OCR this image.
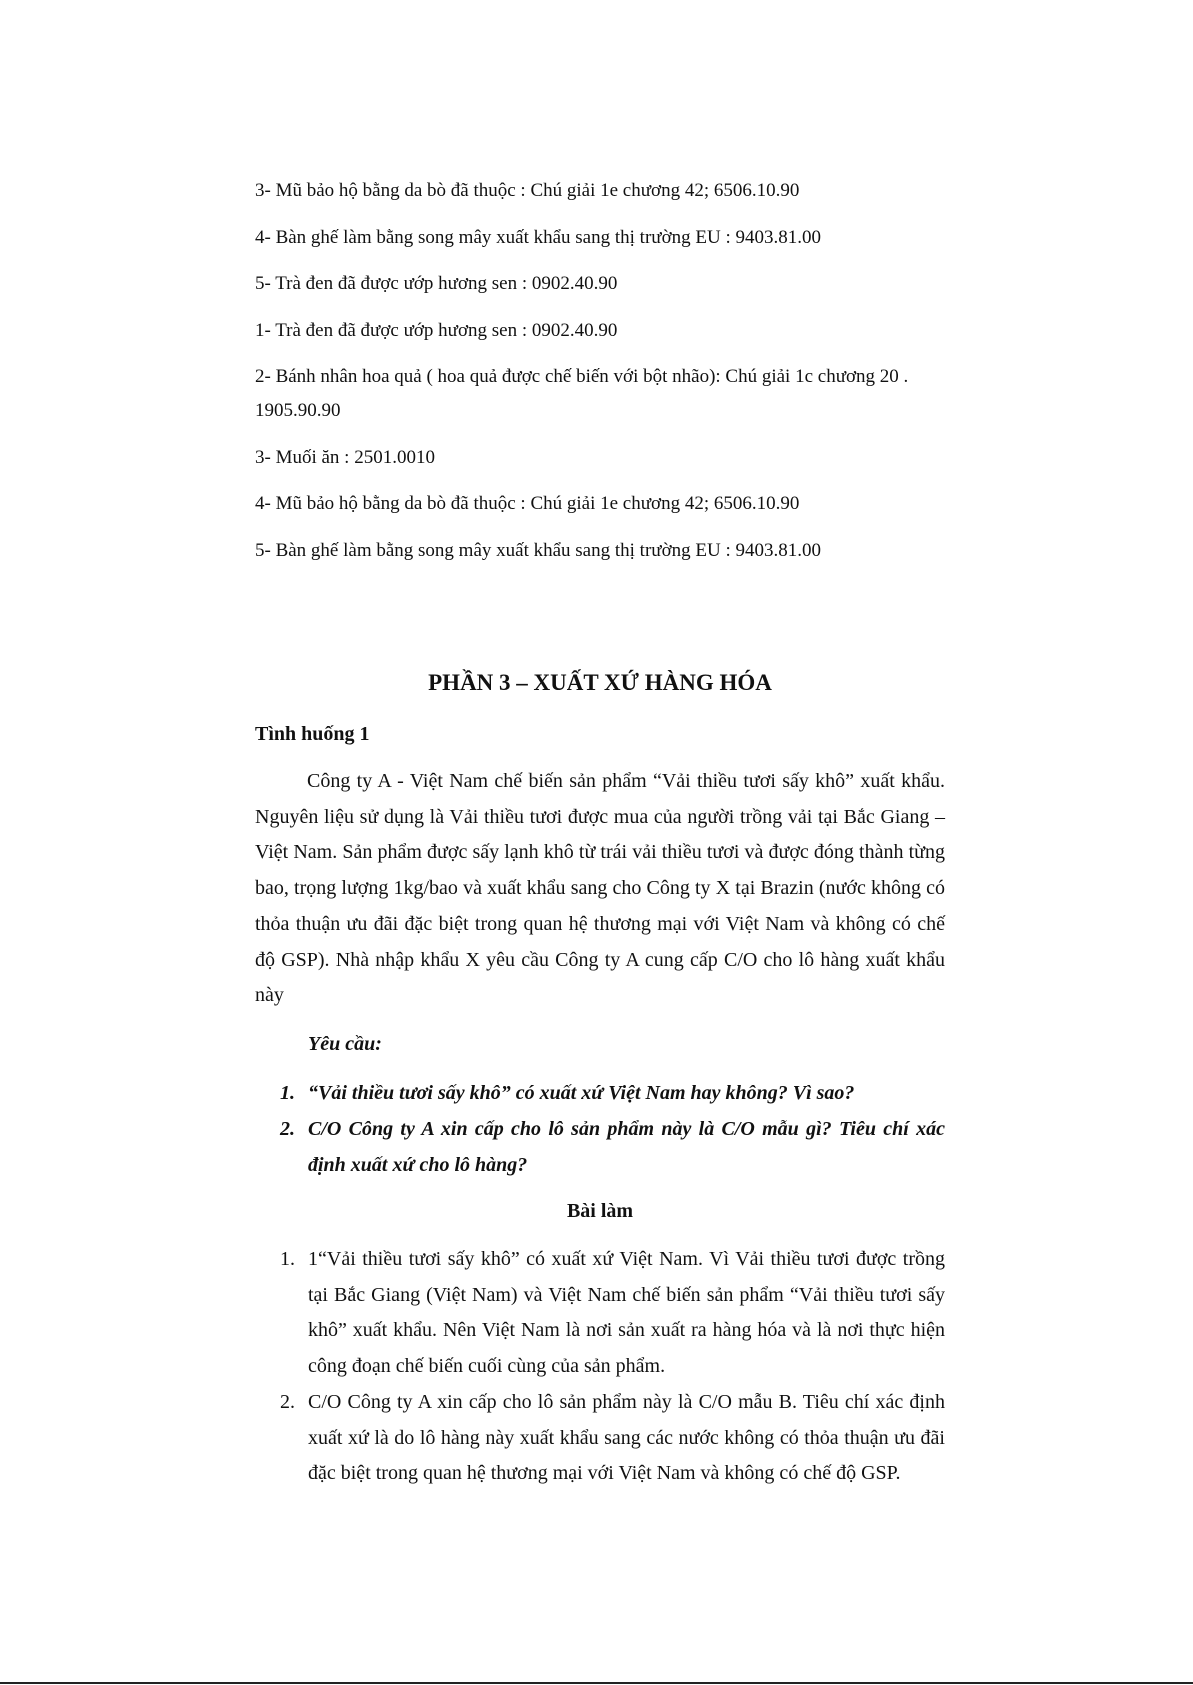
3- Mũ bảo hộ bằng da bò đã thuộc : Chú giải 1e chương 42; 6506.10.90
4- Bàn ghế làm bằng song mây xuất khẩu sang thị trường EU : 9403.81.00
5- Trà đen đã được ướp hương sen : 0902.40.90
1- Trà đen đã được ướp hương sen : 0902.40.90
2- Bánh nhân hoa quả ( hoa quả được chế biến với bột nhão): Chú giải 1c chương 20 .
1905.90.90
3- Muối ăn : 2501.0010
4- Mũ bảo hộ bằng da bò đã thuộc : Chú giải 1e chương 42; 6506.10.90
5- Bàn ghế làm bằng song mây xuất khẩu sang thị trường EU : 9403.81.00
PHẦN 3 – XUẤT XỨ HÀNG HÓA
Tình huống 1
Công ty A - Việt Nam chế biến sản phẩm “Vải thiều tươi sấy khô” xuất khẩu. Nguyên liệu sử dụng là Vải thiều tươi được mua của người trồng vải tại Bắc Giang – Việt Nam. Sản phẩm được sấy lạnh khô từ trái vải thiều tươi và được đóng thành từng bao, trọng lượng 1kg/bao và xuất khẩu sang cho Công ty X tại Brazin (nước không có thỏa thuận ưu đãi đặc biệt trong quan hệ thương mại với Việt Nam và không có chế độ GSP). Nhà nhập khẩu X yêu cầu Công ty A cung cấp C/O cho lô hàng xuất khẩu này
Yêu cầu:
1. “Vải thiều tươi sấy khô” có xuất xứ Việt Nam hay không? Vì sao?
2. C/O Công ty A xin cấp cho lô sản phẩm này là C/O mẫu gì? Tiêu chí xác định xuất xứ cho lô hàng?
Bài làm
1. 1“Vải thiều tươi sấy khô” có xuất xứ Việt Nam. Vì Vải thiều tươi được trồng tại Bắc Giang (Việt Nam) và Việt Nam chế biến sản phẩm “Vải thiều tươi sấy khô” xuất khẩu. Nên Việt Nam là nơi sản xuất ra hàng hóa và là nơi thực hiện công đoạn chế biến cuối cùng của sản phẩm.
2. C/O Công ty A xin cấp cho lô sản phẩm này là C/O mẫu B. Tiêu chí xác định xuất xứ là do lô hàng này xuất khẩu sang các nước không có thỏa thuận ưu đãi đặc biệt trong quan hệ thương mại với Việt Nam và không có chế độ GSP.
